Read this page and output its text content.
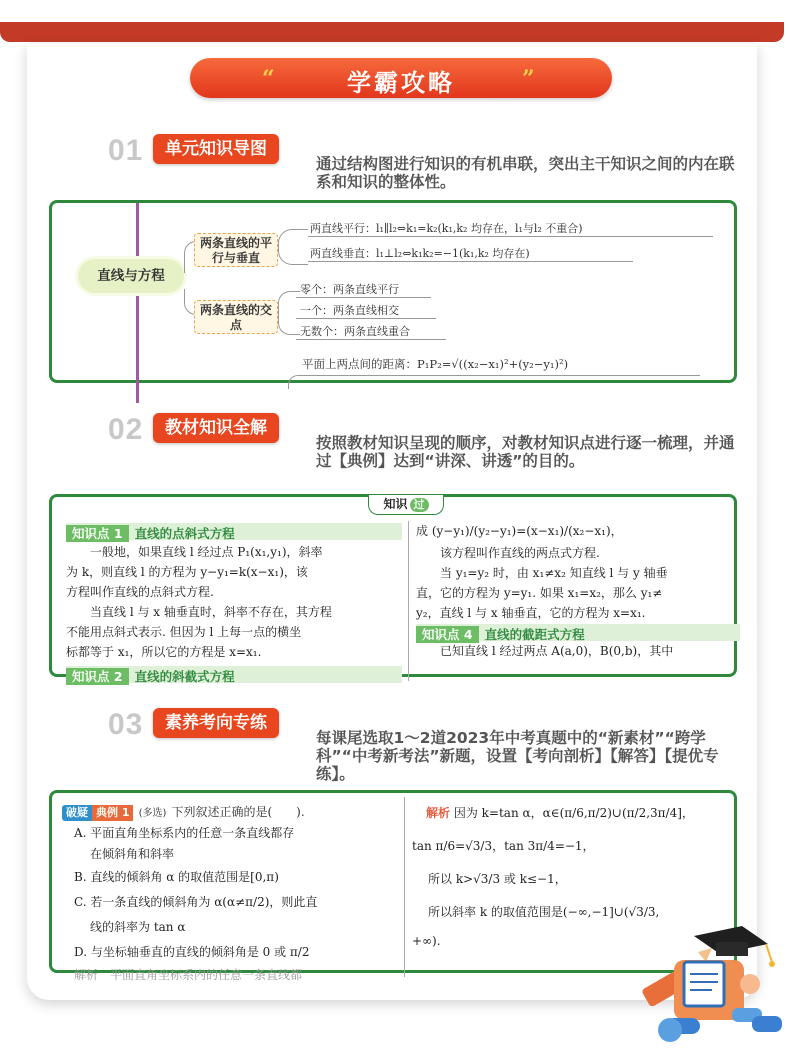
“	学霸攻略	”
01	单元知识导图
通过结构图进行知识的有机串联，突出主干知识之间的内在联系和知识的整体性。
直线与方程
两条直线的平行与垂直
两条直线的交点
两直线平行：l₁∥l₂⇔k₁=k₂(k₁,k₂ 均存在，l₁与l₂ 不重合)
两直线垂直：l₁⊥l₂⇔k₁k₂=−1(k₁,k₂ 均存在)
零个：两条直线平行
一个：两条直线相交
无数个：两条直线重合
平面上两点间的距离：P₁P₂=√((x₂−x₁)²+(y₂−y₁)²)
02	教材知识全解
按照教材知识呈现的顺序，对教材知识点进行逐一梳理，并通过【典例】达到“讲深、讲透”的目的。
知识 过
知识点 1 直线的点斜式方程

一般地，如果直线 l 经过点 P₁(x₁,y₁)，斜率

为 k，则直线 l 的方程为 y−y₁=k(x−x₁)，该

方程叫作直线的点斜式方程.

当直线 l 与 x 轴垂直时，斜率不存在，其方程

不能用点斜式表示. 但因为 l 上每一点的横坐

标都等于 x₁，所以它的方程是 x=x₁.

知识点 2 直线的斜截式方程

成 (y−y₁)/(y₂−y₁)=(x−x₁)/(x₂−x₁)，

该方程叫作直线的两点式方程.

当 y₁=y₂ 时，由 x₁≠x₂ 知直线 l 与 y 轴垂

直，它的方程为 y=y₁. 如果 x₁=x₂，那么 y₁≠

y₂，直线 l 与 x 轴垂直，它的方程为 x=x₁.

知识点 4 直线的截距式方程

已知直线 l 经过两点 A(a,0)，B(0,b)，其中

03	素养考向专练
每课尾选取1～2道2023年中考真题中的“新素材”“跨学科”“中考新考法”新题，设置【考向剖析】【解答】【提优专练】。
破疑 典例 1 (多选) 下列叙述正确的是(　　).

A. 平面直角坐标系内的任意一条直线都存

在倾斜角和斜率

B. 直线的倾斜角 α 的取值范围是[0,π)

C. 若一条直线的倾斜角为 α(α≠π/2)，则此直

线的斜率为 tan α

D. 与坐标轴垂直的直线的倾斜角是 0 或 π/2

解析　平面直角坐标系内的任意一条直线都

解析 因为 k=tan α，α∈(π/6,π/2)∪(π/2,3π/4]，

tan π/6=√3/3，tan 3π/4=−1，

所以 k>√3/3 或 k≤−1，

所以斜率 k 的取值范围是(−∞,−1]∪(√3/3,

+∞).
